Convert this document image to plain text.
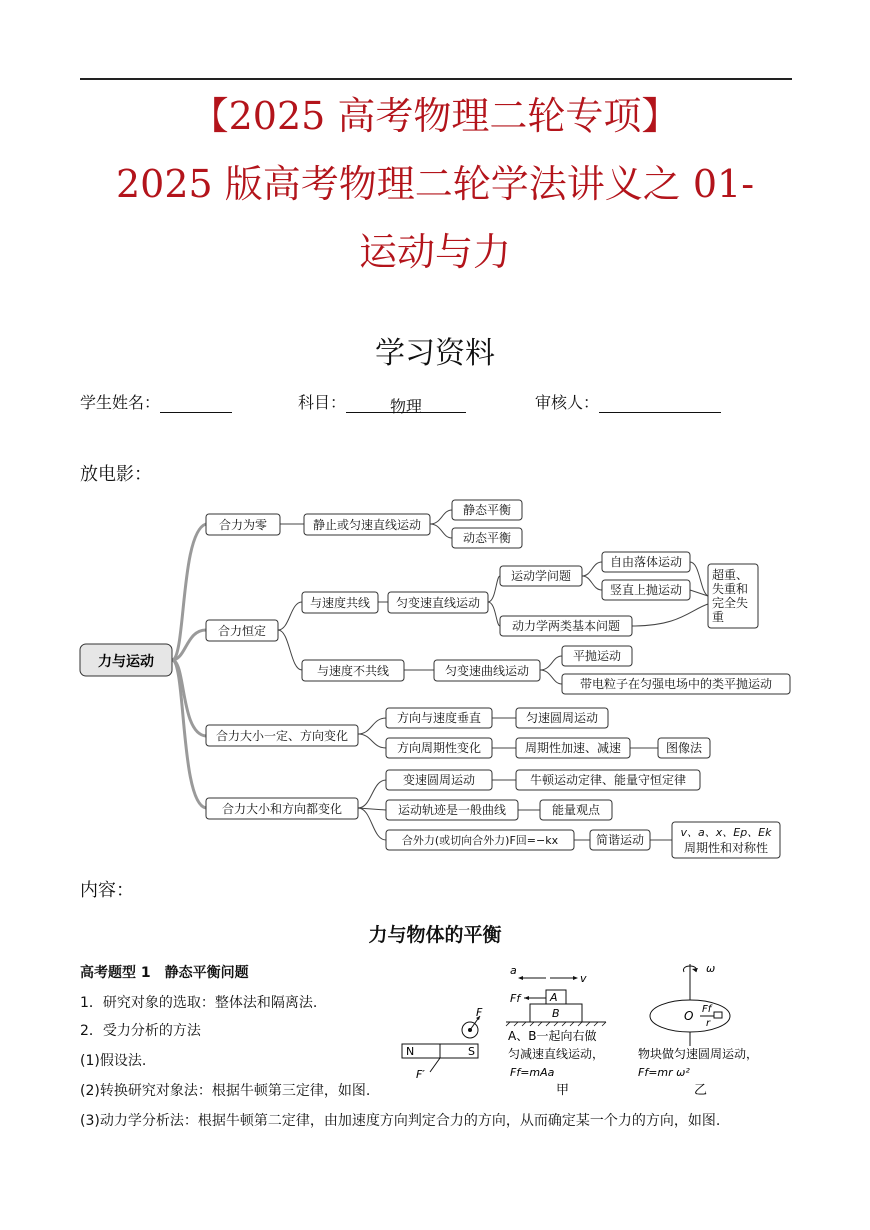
【2025 高考物理二轮专项】
2025 版高考物理二轮学法讲义之 01-
运动与力
学习资料
学生姓名：	科目：	物理	审核人：
放电影：
力与运动
合力为零	静止或匀速直线运动
静态平衡
动态平衡
合力恒定
与速度共线 匀变速直线运动
运动学问题
自由落体运动
竖直上抛运动
动力学两类基本问题
超重、
失重和
完全失
重
与速度不共线	匀变速曲线运动
平抛运动
带电粒子在匀强电场中的类平抛运动
合力大小一定、方向变化
方向与速度垂直	匀速圆周运动
方向周期性变化	周期性加速、减速	图像法
合力大小和方向都变化
变速圆周运动	牛顿运动定律、能量守恒定律
运动轨迹是一般曲线	能量观点
合外力(或切向合外力)F回=−kx	简谐运动
v、a、x、Ep、Ek
周期性和对称性
内容：
力与物体的平衡
高考题型 1　静态平衡问题
1．研究对象的选取：整体法和隔离法.
2．受力分析的方法
(1)假设法.
(2)转换研究对象法：根据牛顿第三定律，如图.
(3)动力学分析法：根据牛顿第二定律，由加速度方向判定合力的方向，从而确定某一个力的方向，如图.
N	S
F
F′
a
v
Ff	A
B
A、B一起向右做
匀减速直线运动，
Ff=mAa
甲
ω
O Ff
r
物块做匀速圆周运动，
Ff=mr ω²
乙
